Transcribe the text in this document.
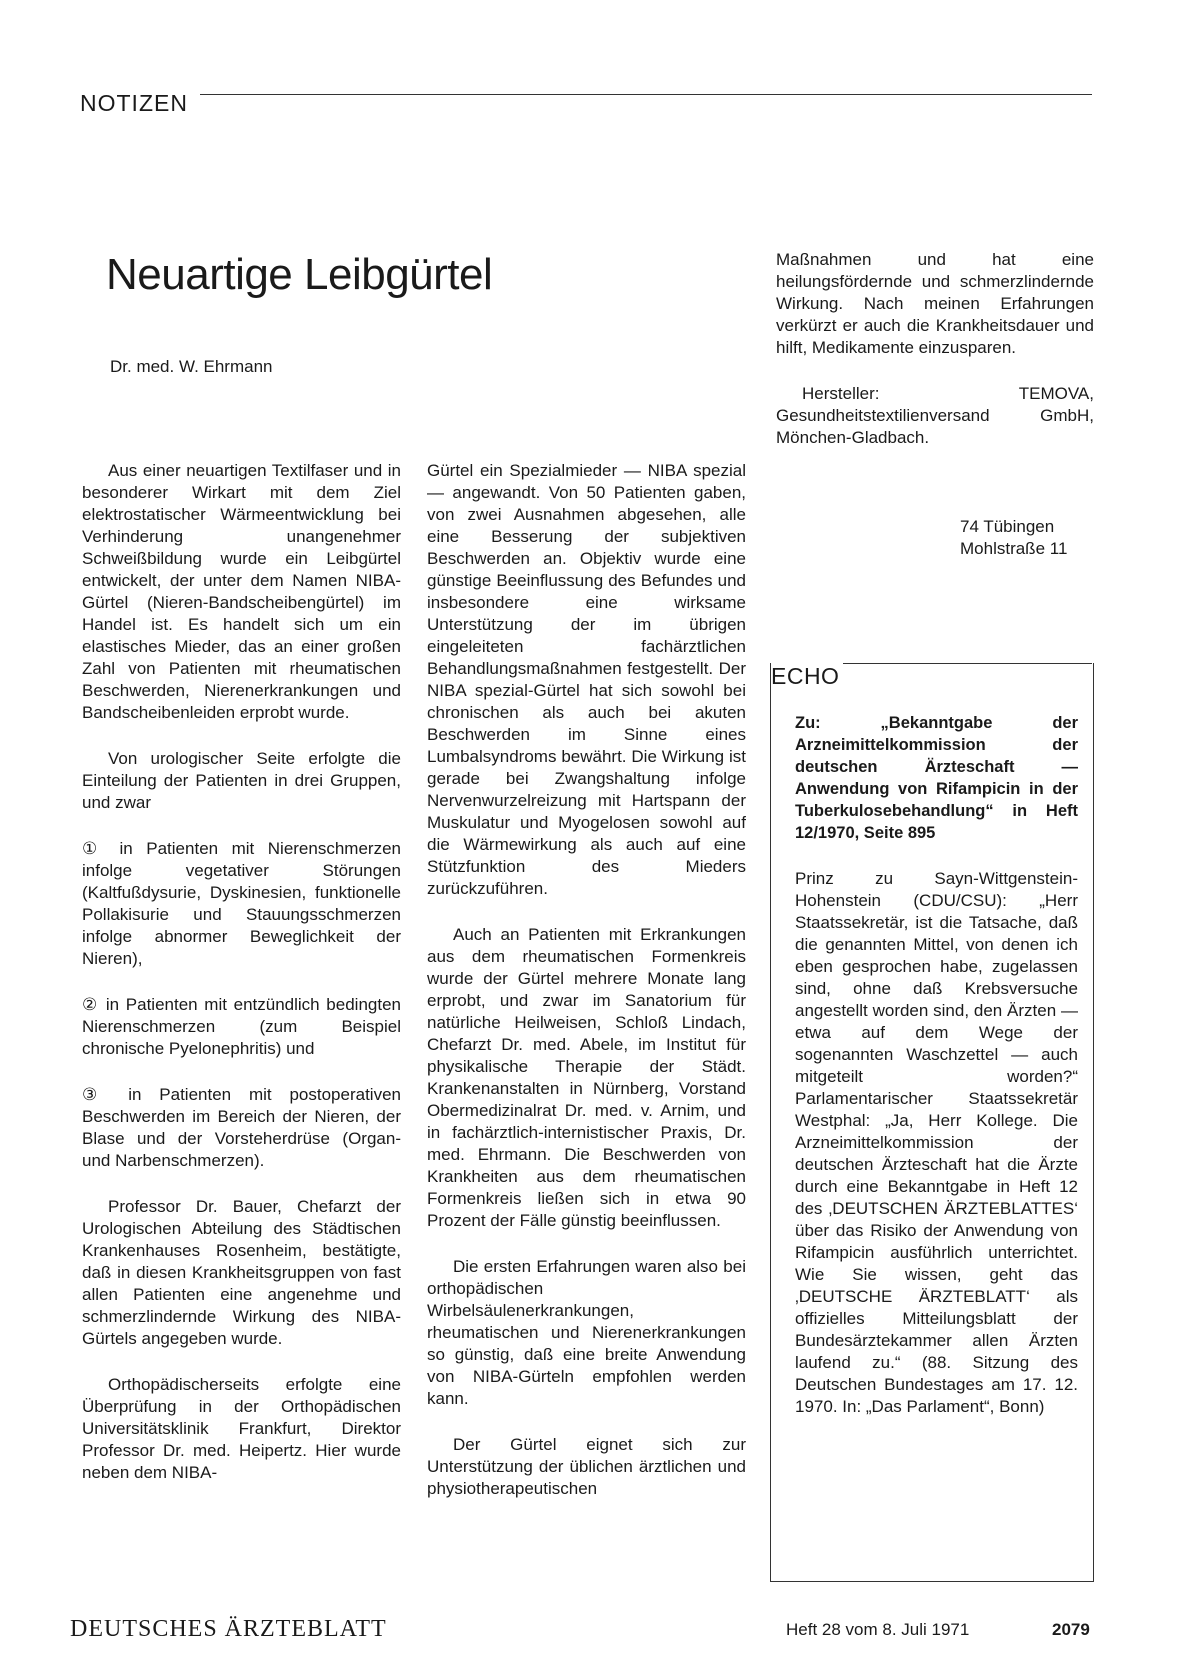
NOTIZEN
Neuartige Leibgürtel
Dr. med. W. Ehrmann

Aus einer neuartigen Textilfaser und in besonderer Wirkart mit dem Ziel elektrostatischer Wärmeentwicklung bei Verhinderung unangenehmer Schweißbildung wurde ein Leibgürtel entwickelt, der unter dem Namen NIBA-Gürtel (Nieren-Bandscheibengürtel) im Handel ist. Es handelt sich um ein elastisches Mieder, das an einer großen Zahl von Patienten mit rheumatischen Beschwerden, Nierenerkrankungen und Bandscheibenleiden erprobt wurde.

Von urologischer Seite erfolgte die Einteilung der Patienten in drei Gruppen, und zwar

① in Patienten mit Nierenschmerzen infolge vegetativer Störungen (Kaltfußdysurie, Dyskinesien, funktionelle Pollakisurie und Stauungsschmerzen infolge abnormer Beweglichkeit der Nieren),

② in Patienten mit entzündlich bedingten Nierenschmerzen (zum Beispiel chronische Pyelonephritis) und

③ in Patienten mit postoperativen Beschwerden im Bereich der Nieren, der Blase und der Vorsteherdrüse (Organ- und Narbenschmerzen).

Professor Dr. Bauer, Chefarzt der Urologischen Abteilung des Städtischen Krankenhauses Rosenheim, bestätigte, daß in diesen Krankheitsgruppen von fast allen Patienten eine angenehme und schmerzlindernde Wirkung des NIBA-Gürtels angegeben wurde.

Orthopädischerseits erfolgte eine Überprüfung in der Orthopädischen Universitätsklinik Frankfurt, Direktor Professor Dr. med. Heipertz. Hier wurde neben dem NIBA-

Gürtel ein Spezialmieder — NIBA spezial — angewandt. Von 50 Patienten gaben, von zwei Ausnahmen abgesehen, alle eine Besserung der subjektiven Beschwerden an. Objektiv wurde eine günstige Beeinflussung des Befundes und insbesondere eine wirksame Unterstützung der im übrigen eingeleiteten fachärztlichen Behandlungsmaßnahmen festgestellt. Der NIBA spezial-Gürtel hat sich sowohl bei chronischen als auch bei akuten Beschwerden im Sinne eines Lumbalsyndroms bewährt. Die Wirkung ist gerade bei Zwangshaltung infolge Nervenwurzelreizung mit Hartspann der Muskulatur und Myogelosen sowohl auf die Wärmewirkung als auch auf eine Stützfunktion des Mieders zurückzuführen.

Auch an Patienten mit Erkrankungen aus dem rheumatischen Formenkreis wurde der Gürtel mehrere Monate lang erprobt, und zwar im Sanatorium für natürliche Heilweisen, Schloß Lindach, Chefarzt Dr. med. Abele, im Institut für physikalische Therapie der Städt. Krankenanstalten in Nürnberg, Vorstand Obermedizinalrat Dr. med. v. Arnim, und in fachärztlich-internistischer Praxis, Dr. med. Ehrmann. Die Beschwerden von Krankheiten aus dem rheumatischen Formenkreis ließen sich in etwa 90 Prozent der Fälle günstig beeinflussen.

Die ersten Erfahrungen waren also bei orthopädischen Wirbelsäulenerkrankungen, rheumatischen und Nierenerkrankungen so günstig, daß eine breite Anwendung von NIBA-Gürteln empfohlen werden kann.

Der Gürtel eignet sich zur Unterstützung der üblichen ärztlichen und physiotherapeutischen

Maßnahmen und hat eine heilungsfördernde und schmerzlindernde Wirkung. Nach meinen Erfahrungen verkürzt er auch die Krankheitsdauer und hilft, Medikamente einzusparen.

Hersteller: TEMOVA, Gesundheitstextilienversand GmbH, Mönchen-Gladbach.

74 Tübingen
Mohlstraße 11
ECHO
Zu: „Bekanntgabe der Arzneimittelkommission der deutschen Ärzteschaft — Anwendung von Rifampicin in der Tuberkulosebehandlung“ in Heft 12/1970, Seite 895
Prinz zu Sayn-Wittgenstein-Hohenstein (CDU/CSU): „Herr Staatssekretär, ist die Tatsache, daß die genannten Mittel, von denen ich eben gesprochen habe, zugelassen sind, ohne daß Krebsversuche angestellt worden sind, den Ärzten — etwa auf dem Wege der sogenannten Waschzettel — auch mitgeteilt worden?“ Parlamentarischer Staatssekretär Westphal: „Ja, Herr Kollege. Die Arzneimittelkommission der deutschen Ärzteschaft hat die Ärzte durch eine Bekanntgabe in Heft 12 des ‚DEUTSCHEN ÄRZTEBLATTES‘ über das Risiko der Anwendung von Rifampicin ausführlich unterrichtet. Wie Sie wissen, geht das ‚DEUTSCHE ÄRZTEBLATT‘ als offizielles Mitteilungsblatt der Bundesärztekammer allen Ärzten laufend zu.“ (88. Sitzung des Deutschen Bundestages am 17. 12. 1970. In: „Das Parlament“, Bonn)
DEUTSCHES ÄRZTEBLATT	Heft 28 vom 8. Juli 1971	2079
